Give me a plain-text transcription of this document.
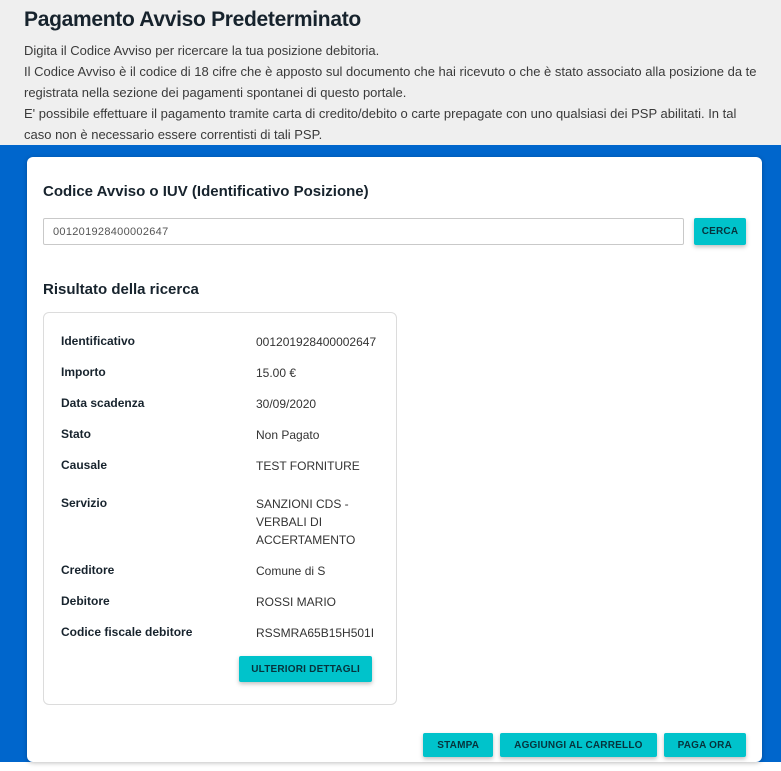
Pagamento Avviso Predeterminato

Digita il Codice Avviso per ricercare la tua posizione debitoria.

Il Codice Avviso è il codice di 18 cifre che è apposto sul documento che hai ricevuto o che è stato associato alla posizione da te registrata nella sezione dei pagamenti spontanei di questo portale.

E' possibile effettuare il pagamento tramite carta di credito/debito o carte prepagate con uno qualsiasi dei PSP abilitati. In tal caso non è necessario essere correntisti di tali PSP.

Codice Avviso o IUV (Identificativo Posizione)
001201928400002647
CERCA
Risultato della ricerca
Identificativo	001201928400002647
Importo	15.00 €
Data scadenza	30/09/2020
Stato	Non Pagato
Causale	TEST FORNITURE
Servizio	SANZIONI CDS - VERBALI DI ACCERTAMENTO
Creditore	Comune di S
Debitore	ROSSI MARIO
Codice fiscale debitore	RSSMRA65B15H501I
ULTERIORI DETTAGLI
STAMPA	AGGIUNGI AL CARRELLO	PAGA ORA
